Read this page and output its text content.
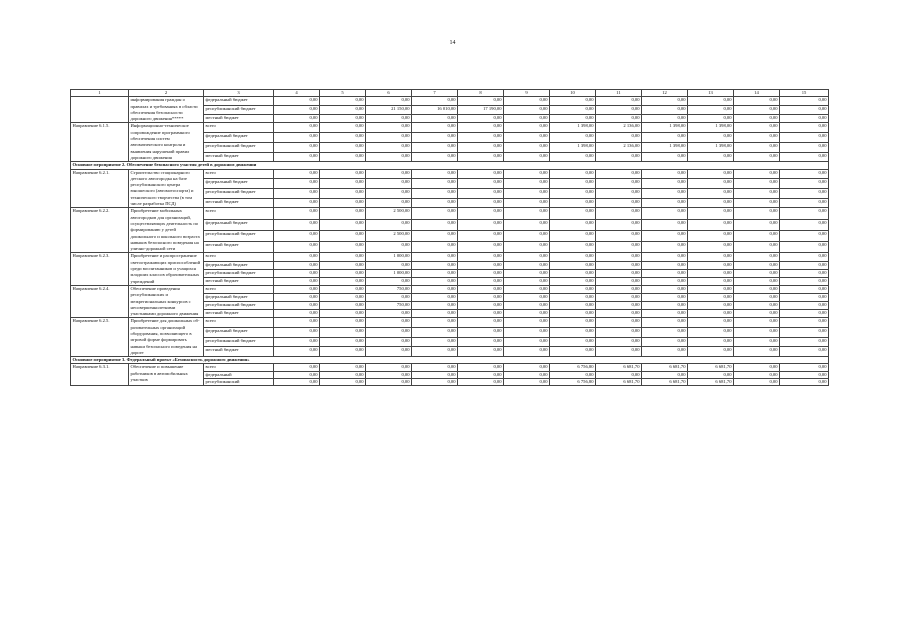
14
1	2	3	4	5	6	7	8	9	10	11	12	13	14	15
	информирования граждан о правилах и требованиях в области обеспечения безопасности дорожного движения*****	федеральный бюджет	0,00	0,00	0,00	0,00	0,00	0,00	0,00	0,00	0,00	0,00	0,00	0,00
		республиканский бюджет	0,00	0,00	21 150,00	16 010,00	17 190,00	0,00	0,00	0,00	0,00	0,00	0,00	0,00
		местный бюджет	0,00	0,00	0,00	0,00	0,00	0,00	0,00	0,00	0,00	0,00	0,00	0,00
Направление 6.1.5.	Информационно-техническое сопровождение программного обеспечения систем автоматического контроля и выявления нарушений правил дорожного движения	всего	0,00	0,00	0,00	0,00	0,00	0,00	1 398,00	2 136,00	1 398,00	1 398,00	0,00	0,00
		федеральный бюджет	0,00	0,00	0,00	0,00	0,00	0,00	0,00	0,00	0,00	0,00	0,00	0,00
		республиканский бюджет	0,00	0,00	0,00	0,00	0,00	0,00	1 398,00	2 136,00	1 398,00	1 398,00	0,00	0,00
		местный бюджет	0,00	0,00	0,00	0,00	0,00	0,00	0,00	0,00	0,00	0,00	0,00	0,00
Основное мероприятие 2. Обеспечение безопасного участия детей в дорожном движении														
Направление 6.2.1.	Строительство стационарного детского автогородка на базе республиканского центра юношеского (автомотоспорта) и технического творчества (в том числе разработка ПСД)	всего	0,00	0,00	0,00	0,00	0,00	0,00	0,00	0,00	0,00	0,00	0,00	0,00
		федеральный бюджет	0,00	0,00	0,00	0,00	0,00	0,00	0,00	0,00	0,00	0,00	0,00	0,00
		республиканский бюджет	0,00	0,00	0,00	0,00	0,00	0,00	0,00	0,00	0,00	0,00	0,00	0,00
		местный бюджет	0,00	0,00	0,00	0,00	0,00	0,00	0,00	0,00	0,00	0,00	0,00	0,00
Направление 6.2.2.	Приобретение мобильных автогородков для организаций, осуществляющих деятельность по формированию у детей дошкольного и школьного возраста навыков безопасного поведения на улично-дорожной сети	всего	0,00	0,00	2 500,00	0,00	0,00	0,00	0,00	0,00	0,00	0,00	0,00	0,00
		федеральный бюджет	0,00	0,00	0,00	0,00	0,00	0,00	0,00	0,00	0,00	0,00	0,00	0,00
		республиканский бюджет	0,00	0,00	2 500,00	0,00	0,00	0,00	0,00	0,00	0,00	0,00	0,00	0,00
		местный бюджет	0,00	0,00	0,00	0,00	0,00	0,00	0,00	0,00	0,00	0,00	0,00	0,00
Направление 6.2.3.	Приобретение и распространение светоотражающих приспособлений среди воспитанников и учащихся младших классов образовательных учреждений	всего	0,00	0,00	1 000,00	0,00	0,00	0,00	0,00	0,00	0,00	0,00	0,00	0,00
		федеральный бюджет	0,00	0,00	0,00	0,00	0,00	0,00	0,00	0,00	0,00	0,00	0,00	0,00
		республиканский бюджет	0,00	0,00	1 000,00	0,00	0,00	0,00	0,00	0,00	0,00	0,00	0,00	0,00
		местный бюджет	0,00	0,00	0,00	0,00	0,00	0,00	0,00	0,00	0,00	0,00	0,00	0,00
Направление 6.2.4.	Обеспечение проведения республиканских и межрегиональных конкурсов с несовершеннолетними участниками дорожного движения	всего	0,00	0,00	750,00	0,00	0,00	0,00	0,00	0,00	0,00	0,00	0,00	0,00
		федеральный бюджет	0,00	0,00	0,00	0,00	0,00	0,00	0,00	0,00	0,00	0,00	0,00	0,00
		республиканский бюджет	0,00	0,00	750,00	0,00	0,00	0,00	0,00	0,00	0,00	0,00	0,00	0,00
		местный бюджет	0,00	0,00	0,00	0,00	0,00	0,00	0,00	0,00	0,00	0,00	0,00	0,00
Направление 6.2.5.	Приобретение для дошкольных об-разовательных организаций оборудования, позволяющего в игровой форме формировать навыки безопасного поведения на дороге	всего	0,00	0,00	0,00	0,00	0,00	0,00	0,00	0,00	0,00	0,00	0,00	0,00
		федеральный бюджет	0,00	0,00	0,00	0,00	0,00	0,00	0,00	0,00	0,00	0,00	0,00	0,00
		республиканский бюджет	0,00	0,00	0,00	0,00	0,00	0,00	0,00	0,00	0,00	0,00	0,00	0,00
		местный бюджет	0,00	0,00	0,00	0,00	0,00	0,00	0,00	0,00	0,00	0,00	0,00	0,00
Основное мероприятие 3. Федеральный проект «Безопасность дорожного движения»														
Направление 6.3.1.	Обеспечение и повышение работников в автомобильных участков	всего	0,00	0,00	0,00	0,00	0,00	0,00	6 756,80	6 681,70	6 681,70	6 681,70	0,00	0,00
		федеральный	0,00	0,00	0,00	0,00	0,00	0,00	0,00	0,00	0,00	0,00	0,00	0,00
		республиканский	0,00	0,00	0,00	0,00	0,00	0,00	6 756,80	6 681,70	6 681,70	6 681,70	0,00	0,00
